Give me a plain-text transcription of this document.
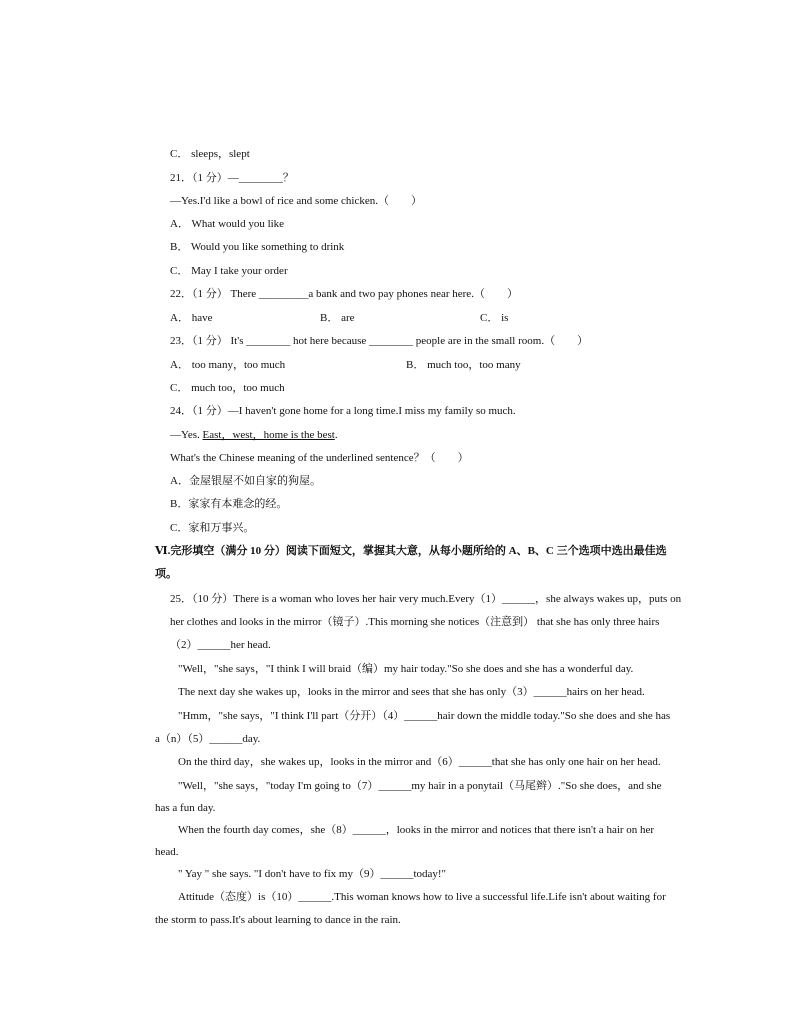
C． sleeps，slept
21．（1 分）—________？
—Yes.I'd like a bowl of rice and some chicken.（　　）
A． What would you like
B． Would you like something to drink
C． May I take your order
22．（1 分） There _________a bank and two pay phones near here.（　　）
A． have	B． are	C． is
23．（1 分） It's ________ hot here because ________ people are in the small room.（　　）
A． too many，too much	B． much too，too many
C． much too，too much
24．（1 分）—I haven't gone home for a long time.I miss my family so much.
—Yes. East，west，home is the best.
What's the Chinese meaning of the underlined sentence？（　　）
A．金屋银屋不如自家的狗屋。
B．家家有本难念的经。
C．家和万事兴。
Ⅵ.完形填空（满分 10 分）阅读下面短文，掌握其大意，从每小题所给的 A、B、C 三个选项中选出最佳选
项。
25．（10 分）There is a woman who loves her hair very much.Every（1）______，she always wakes up，puts on
her clothes and looks in the mirror（镜子）.This morning she notices（注意到） that she has only three hairs
（2）______her head.
"Well，"she says，"I think I will braid（编）my hair today."So she does and she has a wonderful day.
The next day she wakes up，looks in the mirror and sees that she has only（3）______hairs on her head.
"Hmm，"she says，"I think I'll part（分开）（4）______hair down the middle today."So she does and she has
a（n）（5）______day.
On the third day，she wakes up，looks in the mirror and（6）______that she has only one hair on her head.
"Well，"she says，"today I'm going to（7）______my hair in a ponytail（马尾辫）."So she does，and she
has a fun day.
When the fourth day comes，she（8）______，looks in the mirror and notices that there isn't a hair on her
head.
" Yay " she says. "I don't have to fix my（9）______today!"
Attitude（态度）is（10）______.This woman knows how to live a successful life.Life isn't about waiting for
the storm to pass.It's about learning to dance in the rain.
